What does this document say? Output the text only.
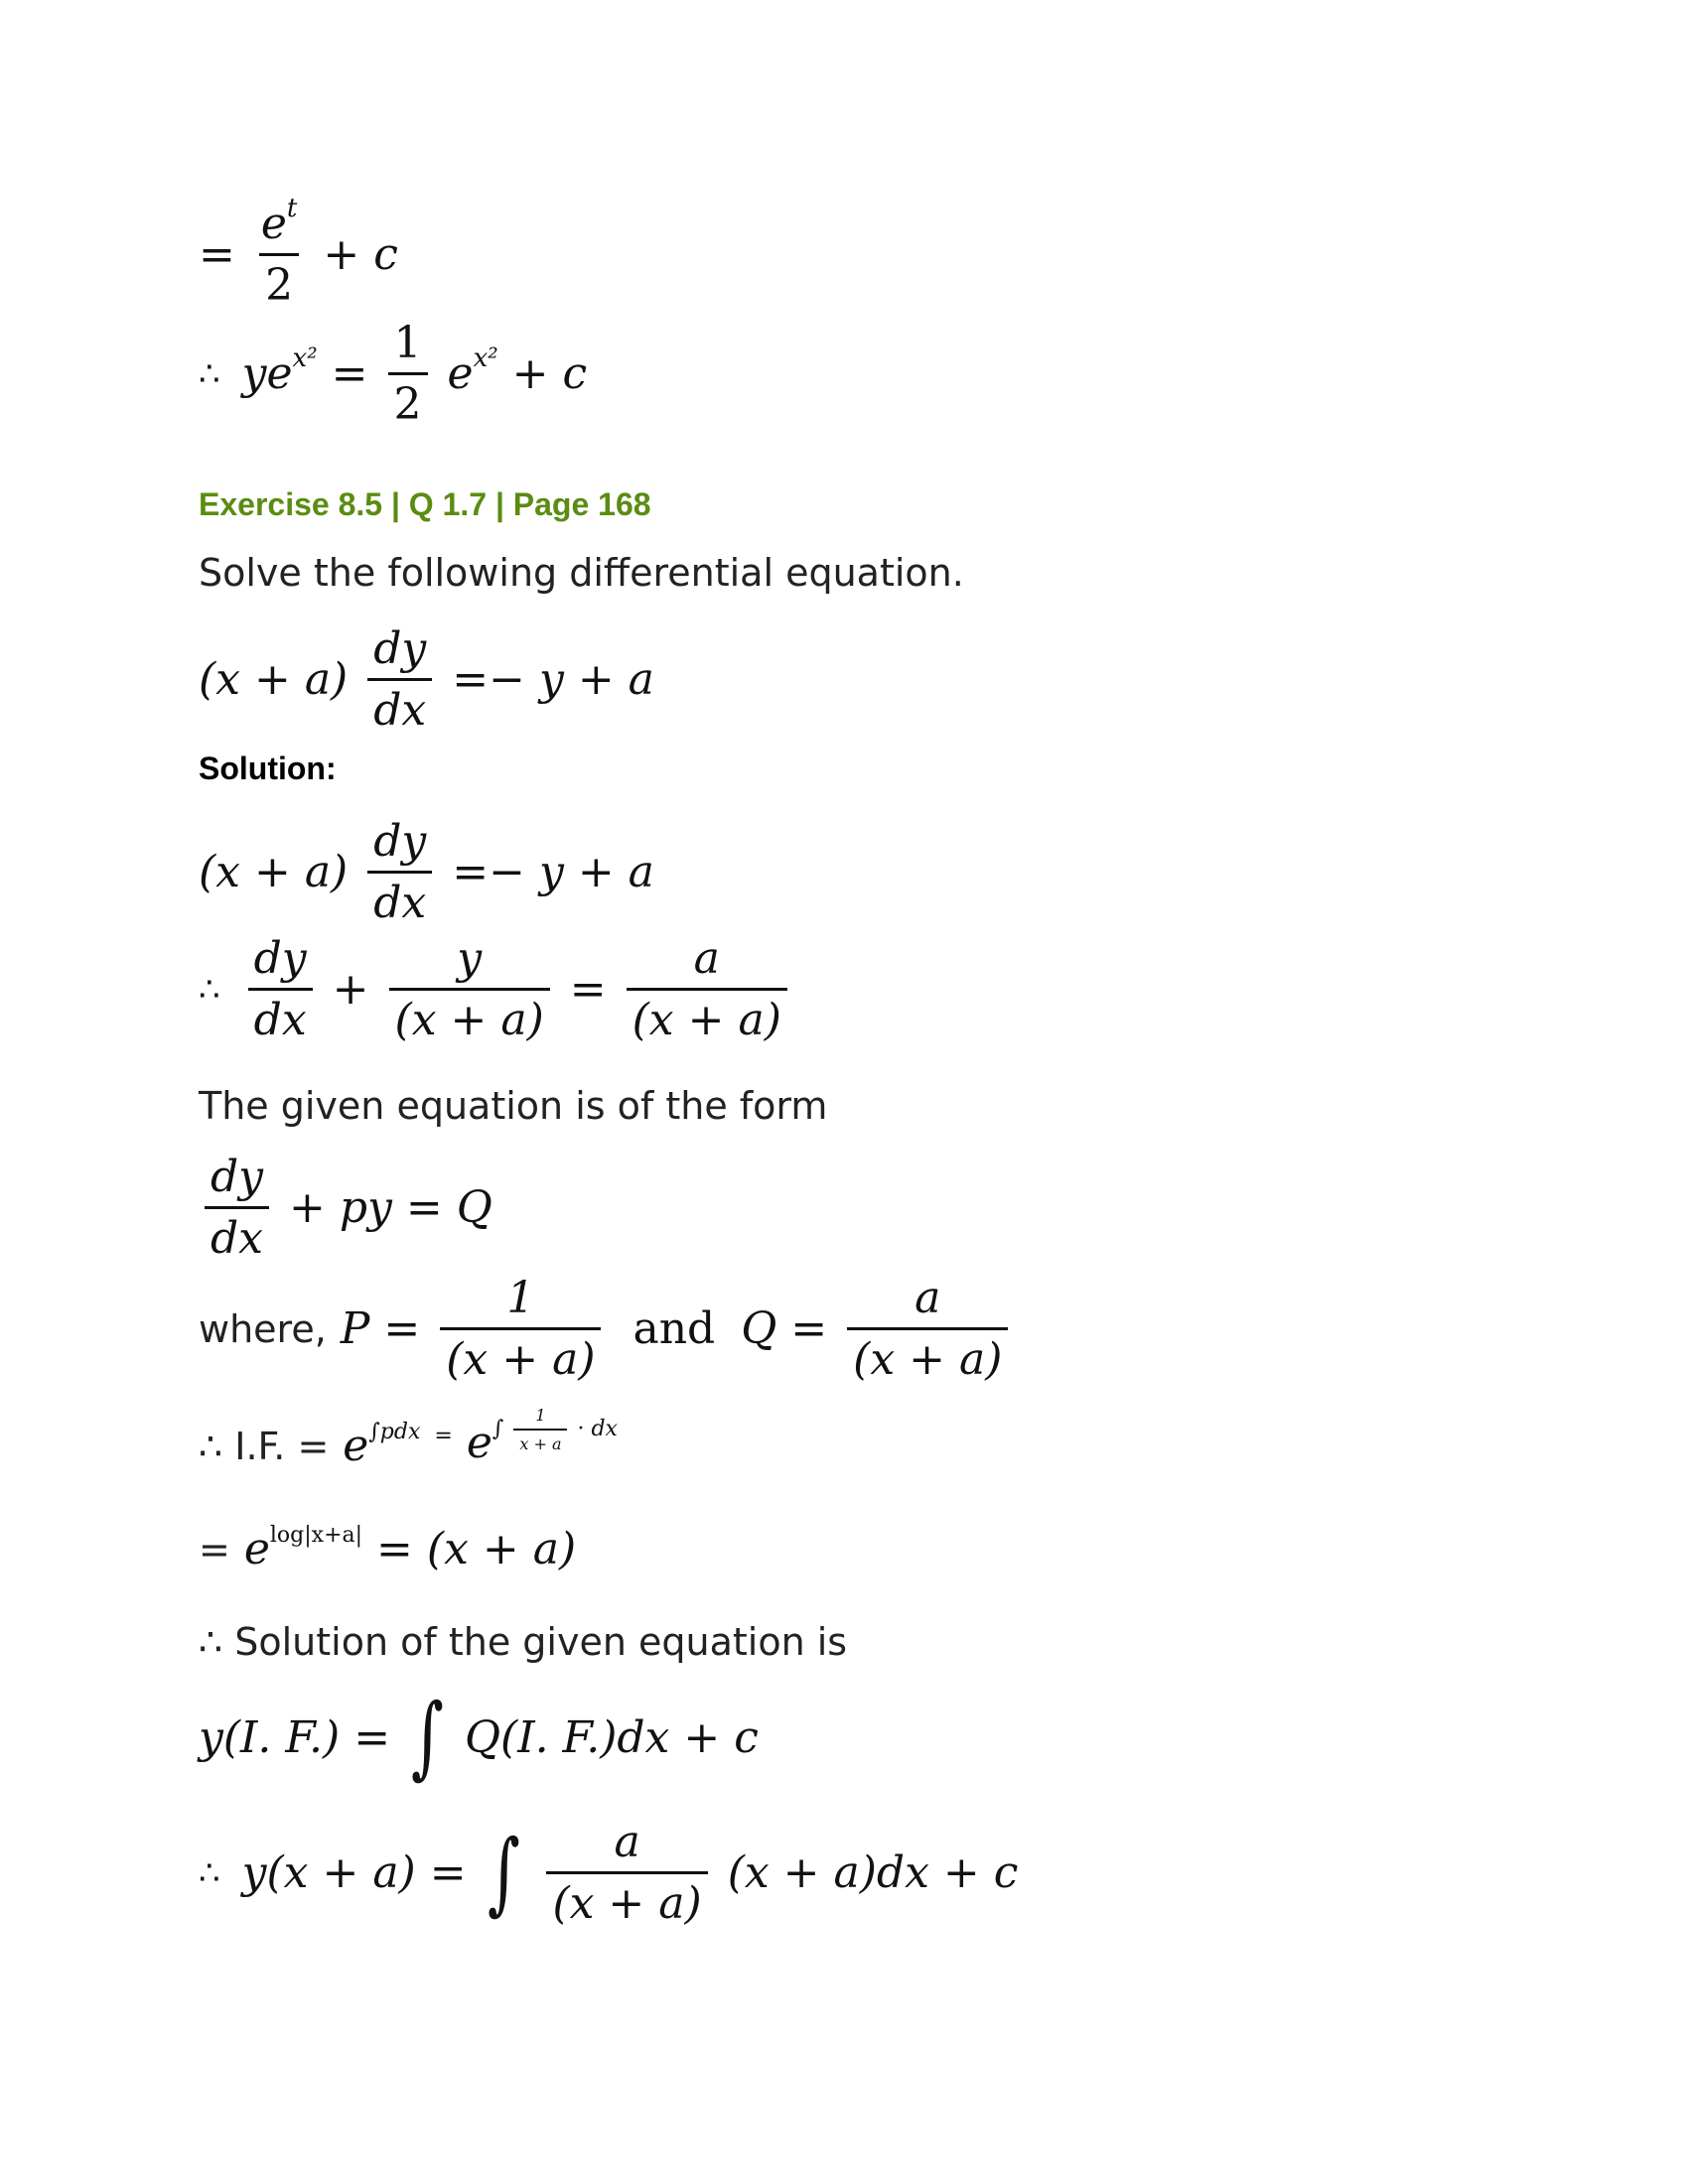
= $\frac{e^t}{2} + c$
∴ $ye^{x^2} = \frac{1}{2} e^{x^2} + c$
Exercise 8.5 | Q 1.7 | Page 168
Solve the following differential equation.
$(x + a) \frac{dy}{dx} =- y + a$
Solution:
$(x + a) \frac{dy}{dx} =- y + a$
∴ $\frac{dy}{dx} + \frac{y}{(x + a)} = \frac{a}{(x + a)}$
The given equation is of the form
$\frac{dy}{dx}$ + py = Q
where, $P = \frac{1}{(x + a)}$ and $Q = \frac{a}{(x + a)}$
∴ I.F. = $e^{\int pdx} = e$ ∫ $\frac{1}{x + a}$ · dx
= $e^{log|x+a|} = (x + a)$
∴ Solution of the given equation is
y(I. F.) = ∫ Q(I. F.)dx + c
∴ y(x + a) = ∫ $\frac{a}{(x + a)} (x + a)dx + c$
